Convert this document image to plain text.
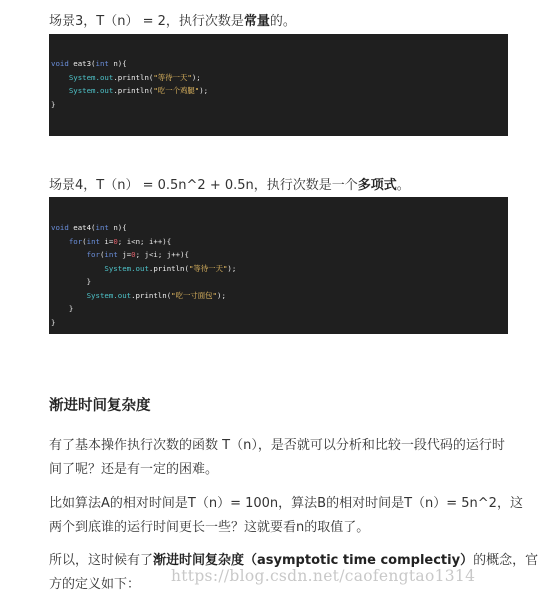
场景3，T（n） = 2，执行次数是常量的。
void eat3(int n){
System.out.println("等待一天");
System.out.println("吃一个鸡腿");
}
场景4，T（n） = 0.5n^2 + 0.5n，执行次数是一个多项式。
void eat4(int n){
for(int i=0; i<n; i++){
for(int j=0; j<i; j++){
System.out.println("等待一天");
}
System.out.println("吃一寸面包");
}
}
渐进时间复杂度
有了基本操作执行次数的函数 T（n），是否就可以分析和比较一段代码的运行时
间了呢？还是有一定的困难。
比如算法A的相对时间是T（n）= 100n，算法B的相对时间是T（n）= 5n^2，这
两个到底谁的运行时间更长一些？这就要看n的取值了。
所以，这时候有了渐进时间复杂度（asymptotic time complectiy）的概念，官
方的定义如下：	https://blog.csdn.net/caofengtao1314
